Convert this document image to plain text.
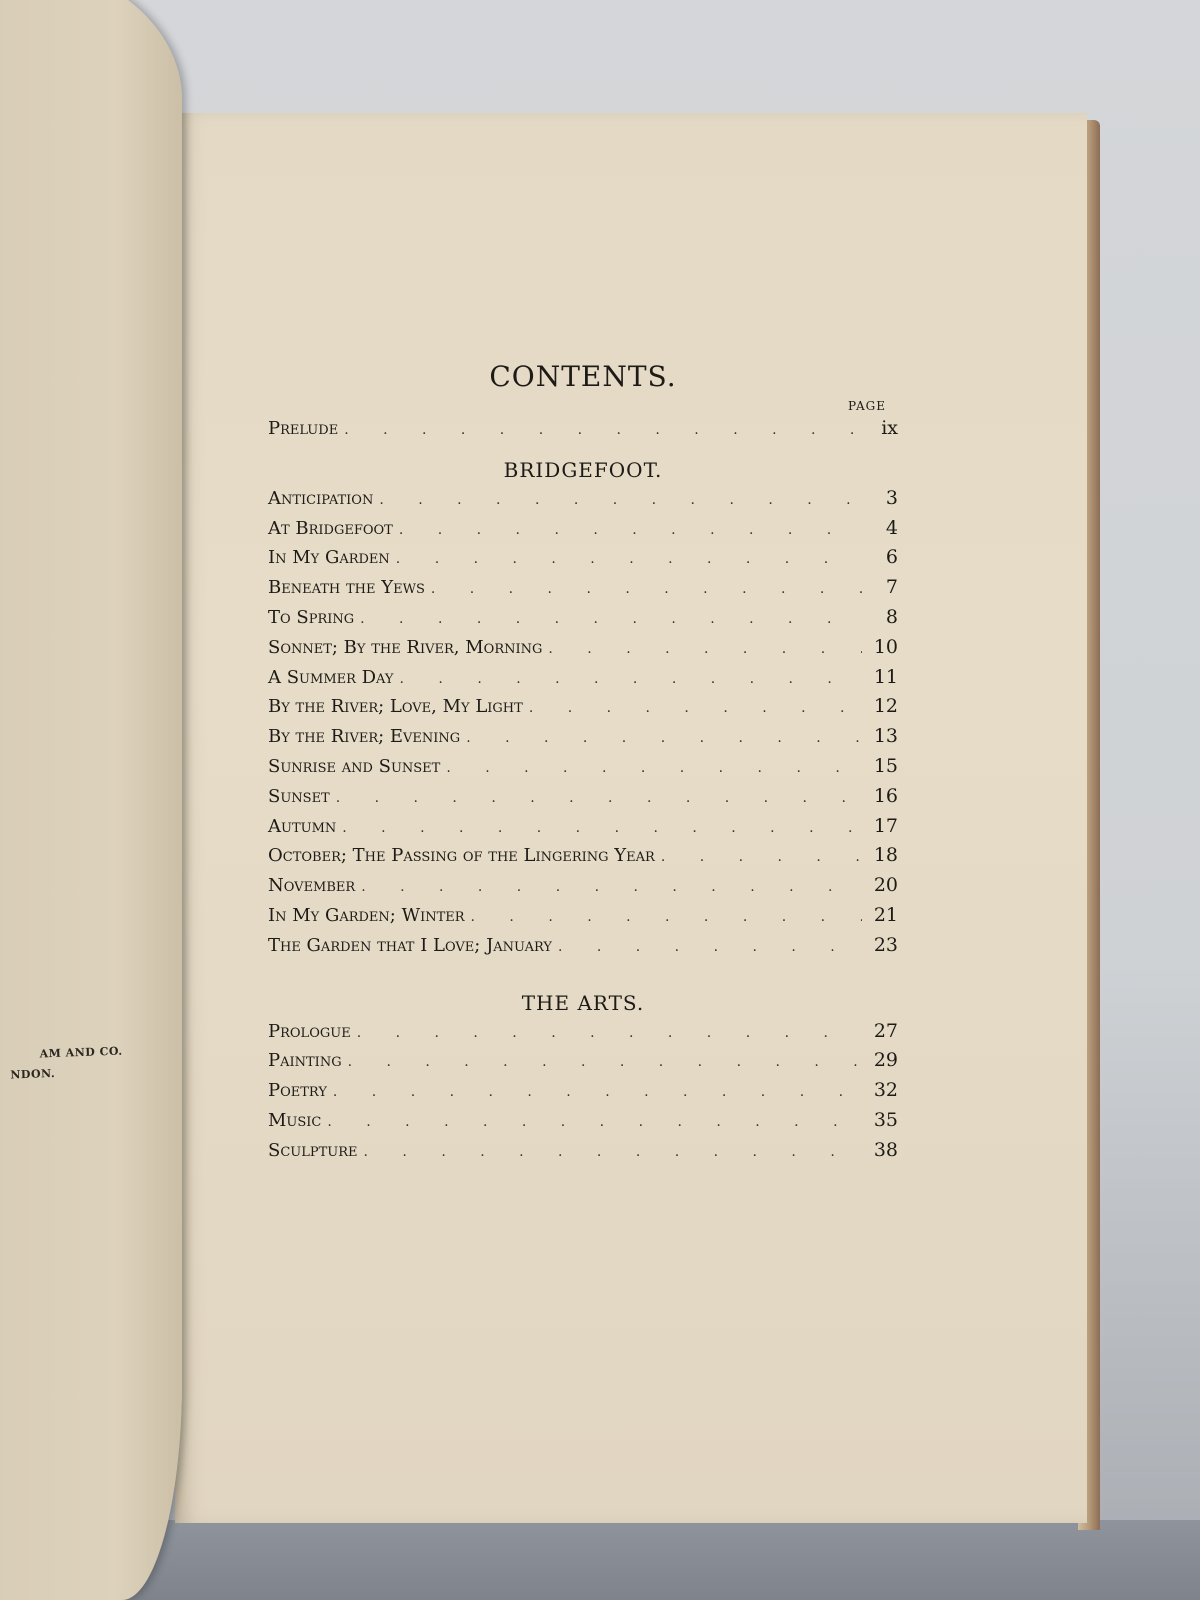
AM AND CO.
NDON.
CONTENTS.
PAGE
Prelude . . .	ix
BRIDGEFOOT.
Anticipation . . .	3
At Bridgefoot . . .	4
In My Garden . . .	6
Beneath the Yews . . .	7
To Spring . . .	8
Sonnet; By the River, Morning . . .	10
A Summer Day . . .	11
By the River; Love, My Light . . .	12
By the River; Evening . . .	13
Sunrise and Sunset . . .	15
Sunset . . .	16
Autumn . . .	17
October; The Passing of the Lingering Year . . .	18
November . . .	20
In My Garden; Winter . . .	21
The Garden that I Love; January . . .	23
THE ARTS.
Prologue . . .	27
Painting . . .	29
Poetry . . .	32
Music . . .	35
Sculpture . . .	38
